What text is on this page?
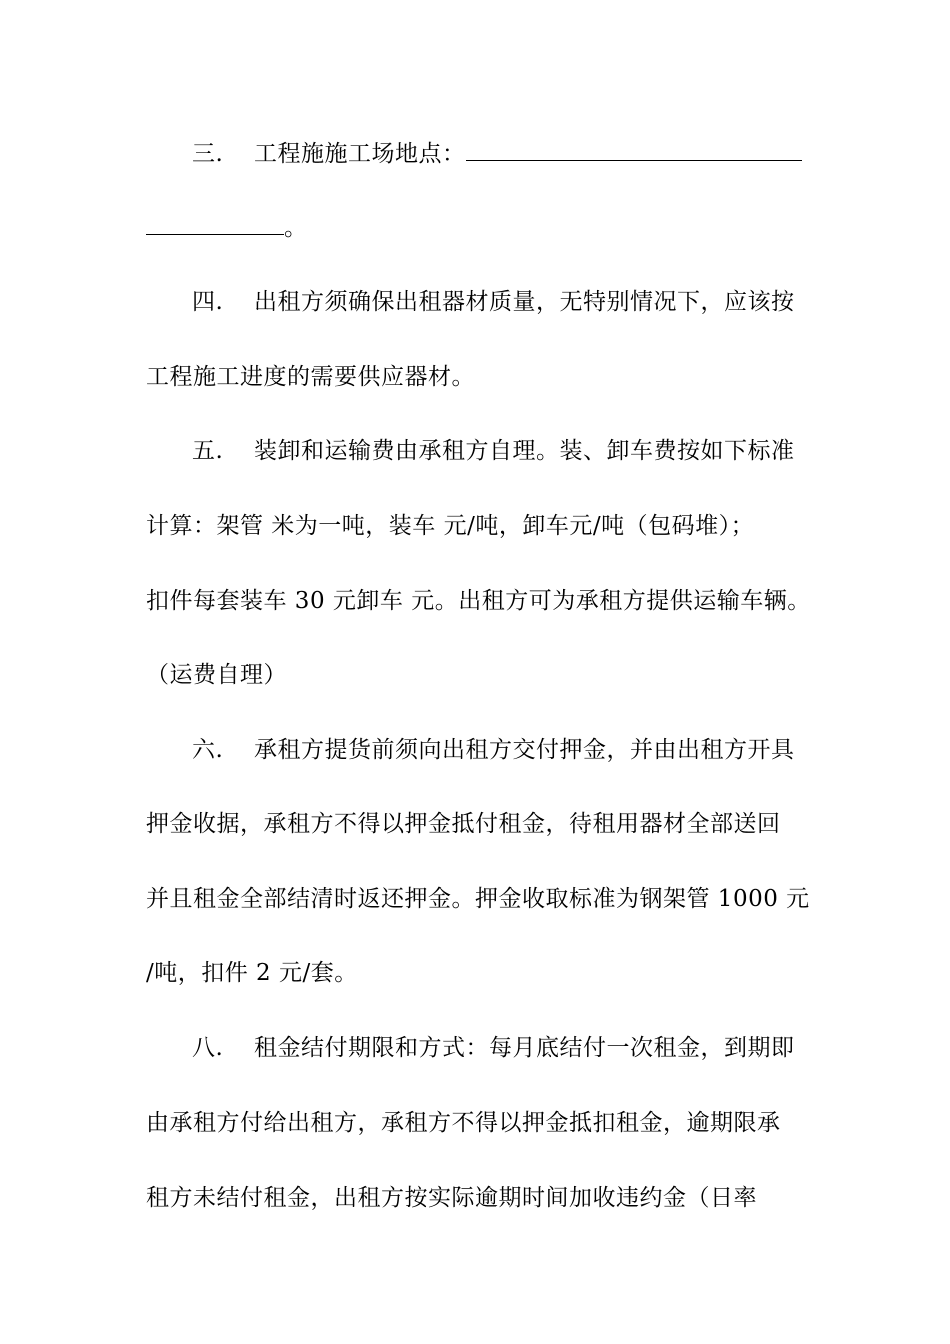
三. 工程施施工场地点：
。
四. 出租方须确保出租器材质量，无特别情况下，应该按
工程施工进度的需要供应器材。
五. 装卸和运输费由承租方自理。装、卸车费按如下标准
计算：架管 米为一吨，装车 元/吨，卸车元/吨（包码堆）；
扣件每套装车 30 元卸车 元。出租方可为承租方提供运输车辆。
（运费自理）
六. 承租方提货前须向出租方交付押金，并由出租方开具
押金收据，承租方不得以押金抵付租金，待租用器材全部送回
并且租金全部结清时返还押金。押金收取标准为钢架管 1000 元
/吨，扣件 2 元/套。
八. 租金结付期限和方式：每月底结付一次租金，到期即
由承租方付给出租方，承租方不得以押金抵扣租金，逾期限承
租方未结付租金，出租方按实际逾期时间加收违约金（日率
